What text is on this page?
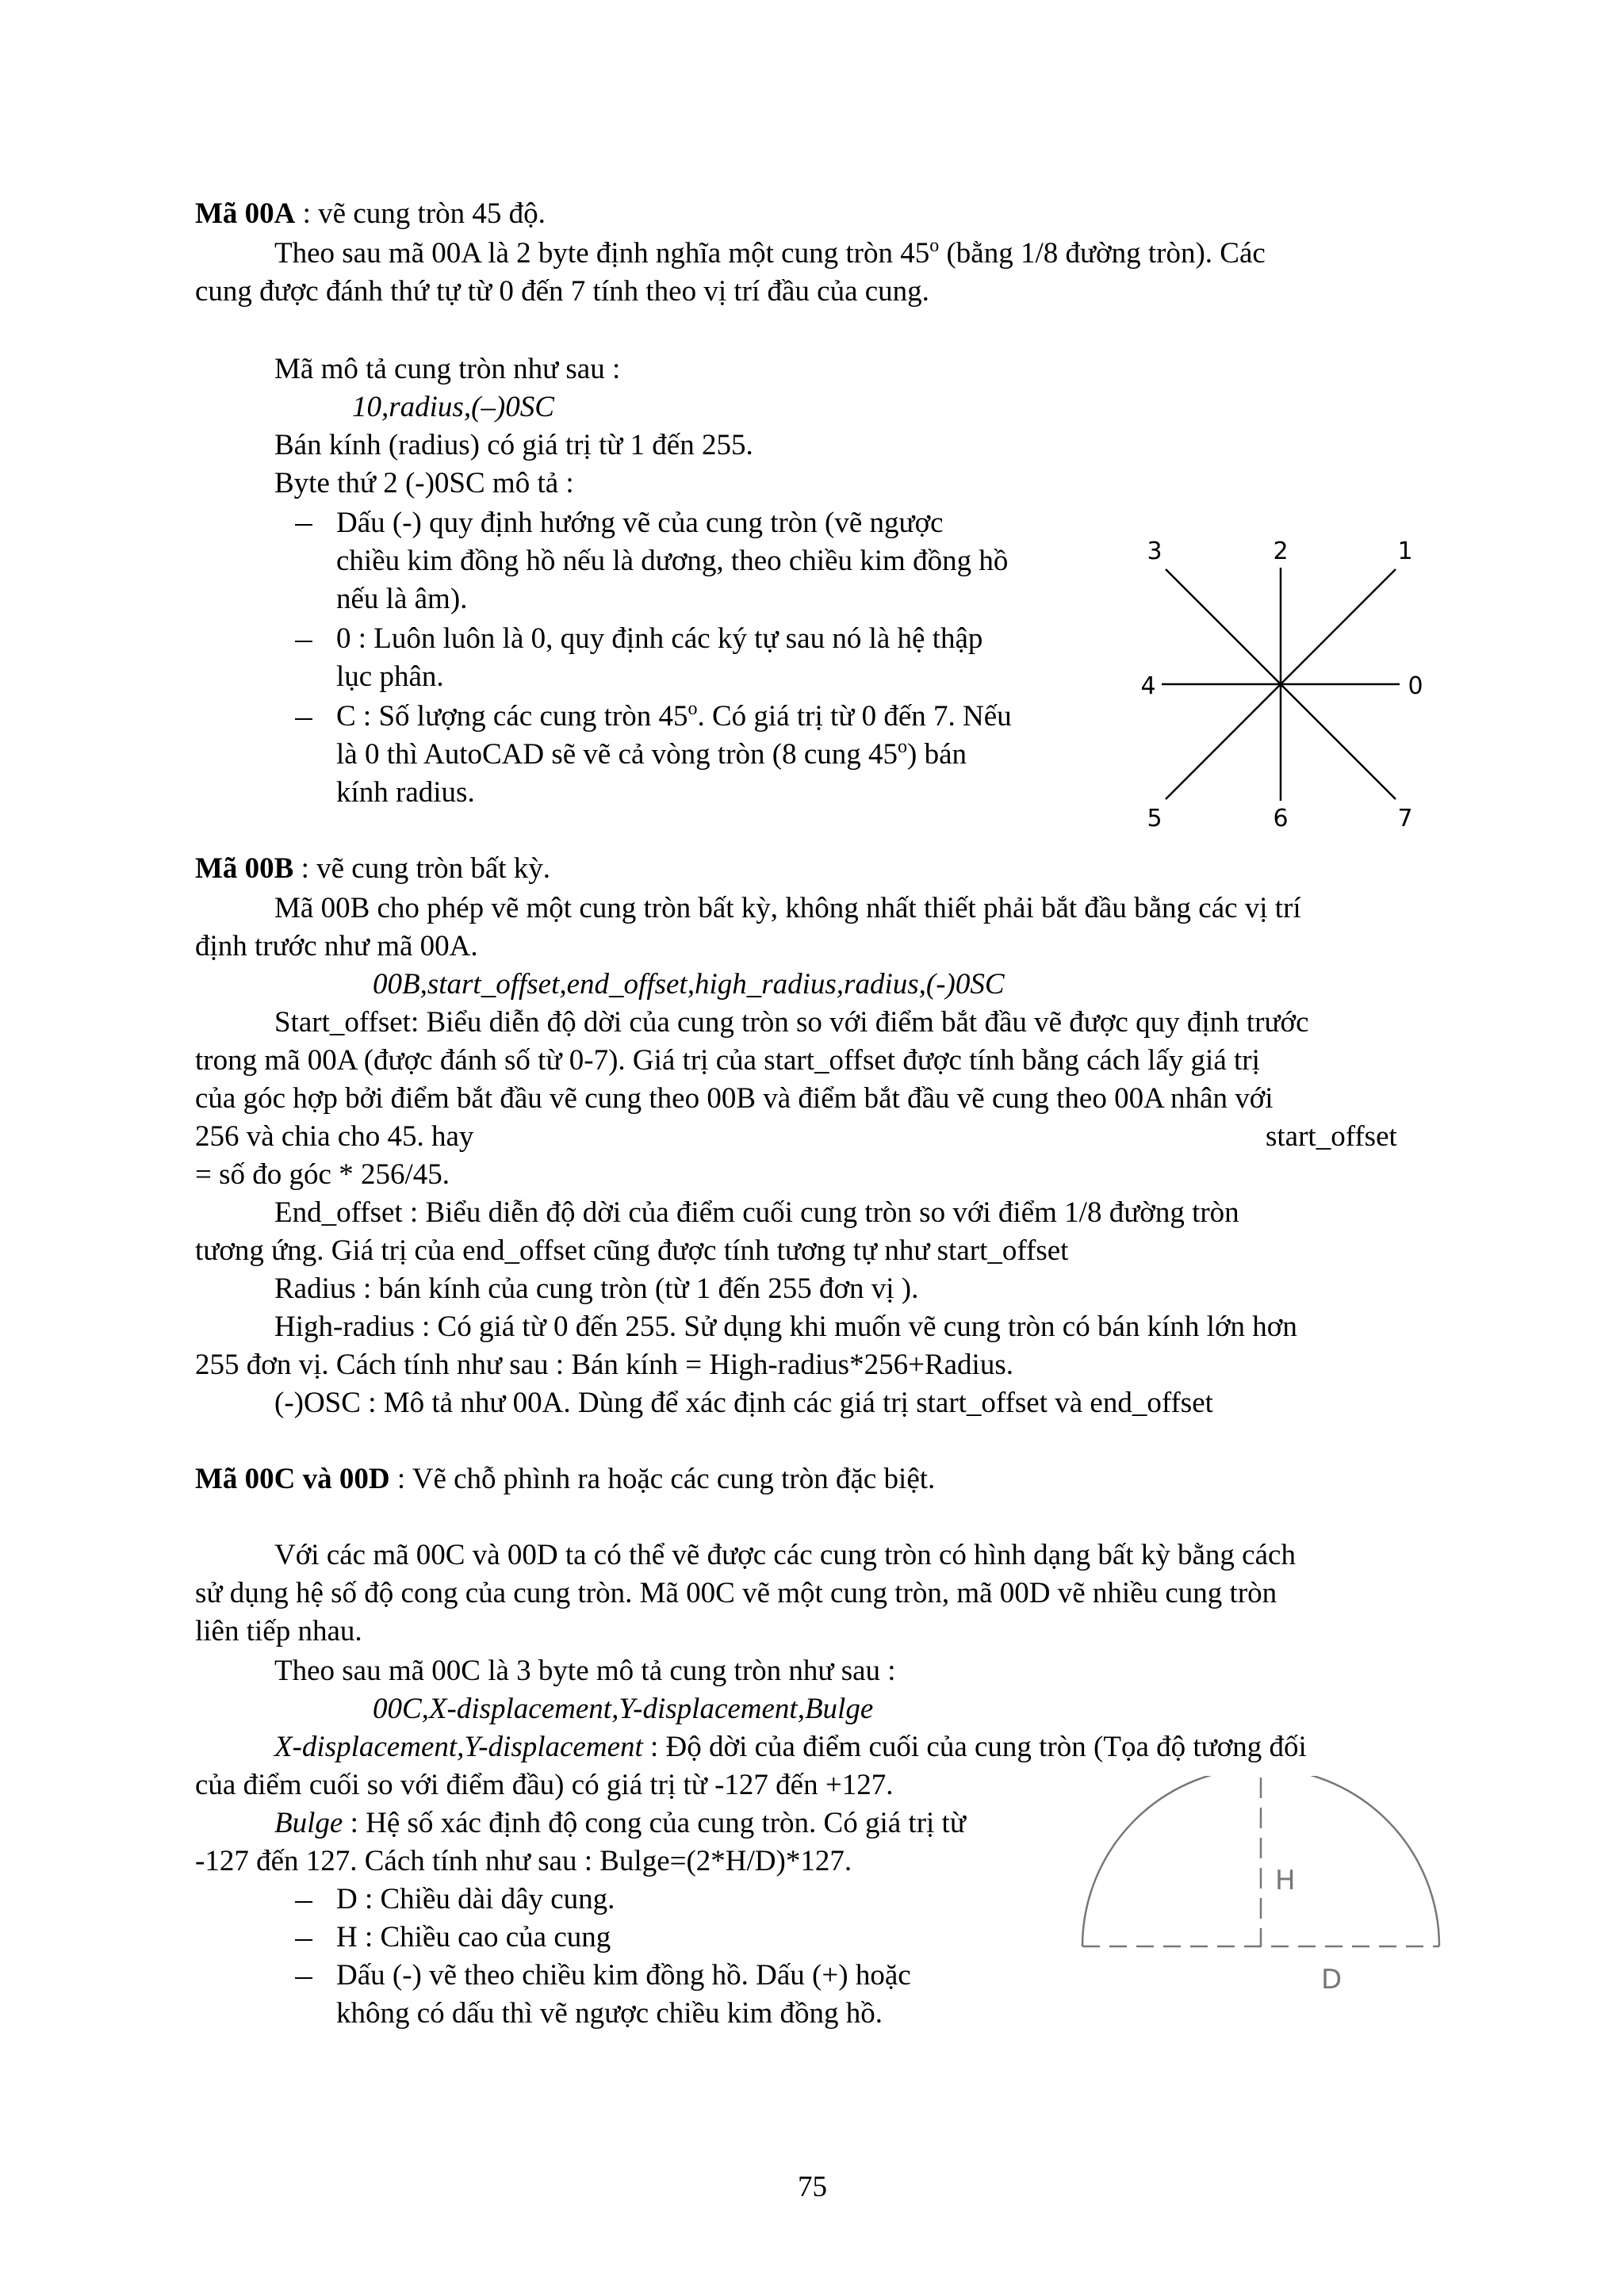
Mã 00A : vẽ cung tròn 45 độ.
Theo sau mã 00A là 2 byte định nghĩa một cung tròn 45$^o$ (bằng 1/8 đường tròn). Các
cung được đánh thứ tự từ 0 đến 7 tính theo vị trí đầu của cung.
Mã mô tả cung tròn như sau :
10,radius,(–)0SC
Bán kính (radius) có giá trị từ 1 đến 255.
Byte thứ 2 (-)0SC mô tả :
Dấu (-) quy định hướng vẽ của cung tròn (vẽ ngược
chiều kim đồng hồ nếu là dương, theo chiều kim đồng hồ
nếu là âm).
0 : Luôn luôn là 0, quy định các ký tự sau nó là hệ thập
lục phân.
C : Số lượng các cung tròn 45$^o$. Có giá trị từ 0 đến 7. Nếu
là 0 thì AutoCAD sẽ vẽ cả vòng tròn (8 cung 45$^o$) bán
kính radius.
0
1
2
3
4
5	6	7
Mã 00B : vẽ cung tròn bất kỳ.
Mã 00B cho phép vẽ một cung tròn bất kỳ, không nhất thiết phải bắt đầu bằng các vị trí
định trước như mã 00A.
00B,start_offset,end_offset,high_radius,radius,(-)0SC
Start_offset: Biểu diễn độ dời của cung tròn so với điểm bắt đầu vẽ được quy định trước
trong mã 00A (được đánh số từ 0-7). Giá trị của start_offset được tính bằng cách lấy giá trị
của góc hợp bởi điểm bắt đầu vẽ cung theo 00B và điểm bắt đầu vẽ cung theo 00A nhân với
256 và chia cho 45. hay	start_offset
= số đo góc * 256/45.
End_offset : Biểu diễn độ dời của điểm cuối cung tròn so với điểm 1/8 đường tròn
tương ứng. Giá trị của end_offset cũng được tính tương tự như start_offset
Radius : bán kính của cung tròn (từ 1 đến 255 đơn vị ).
High-radius : Có giá từ 0 đến 255. Sử dụng khi muốn vẽ cung tròn có bán kính lớn hơn
255 đơn vị. Cách tính như sau : Bán kính = High-radius*256+Radius.
(-)OSC : Mô tả như 00A. Dùng để xác định các giá trị start_offset và end_offset
Mã 00C và 00D : Vẽ chỗ phình ra hoặc các cung tròn đặc biệt.
Với các mã 00C và 00D ta có thể vẽ được các cung tròn có hình dạng bất kỳ bằng cách
sử dụng hệ số độ cong của cung tròn. Mã 00C vẽ một cung tròn, mã 00D vẽ nhiều cung tròn
liên tiếp nhau.
Theo sau mã 00C là 3 byte mô tả cung tròn như sau :
00C,X-displacement,Y-displacement,Bulge
X-displacement,Y-displacement : Độ dời của điểm cuối của cung tròn (Tọa độ tương đối
của điểm cuối so với điểm đầu) có giá trị từ -127 đến +127.
Bulge : Hệ số xác định độ cong của cung tròn. Có giá trị từ
-127 đến 127. Cách tính như sau : Bulge=(2*H/D)*127.
D : Chiều dài dây cung.
H : Chiều cao của cung
Dấu (-) vẽ theo chiều kim đồng hồ. Dấu (+) hoặc
không có dấu thì vẽ ngược chiều kim đồng hồ.
H
D
75
